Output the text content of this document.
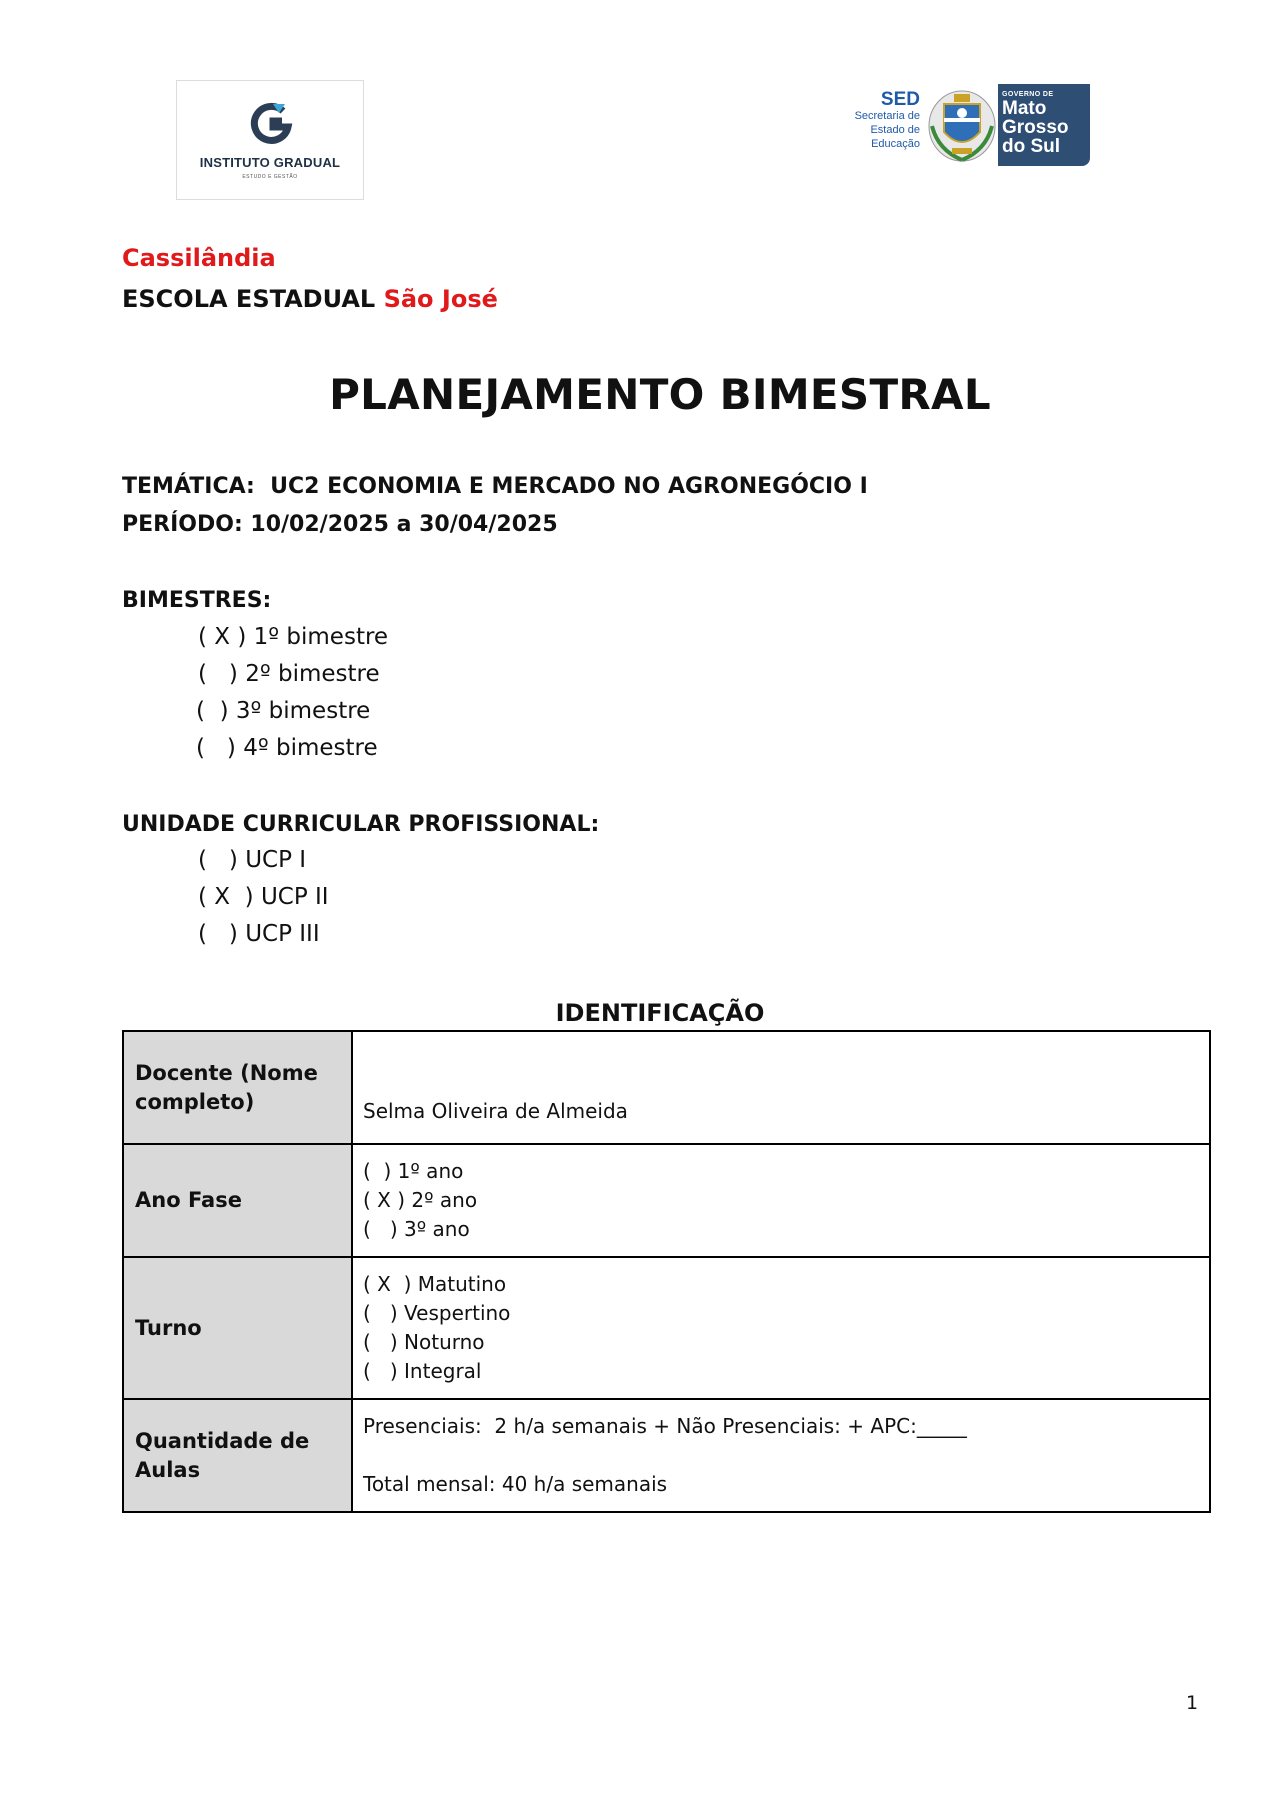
INSTITUTO GRADUAL
ESTUDO E GESTÃO
SED
Secretaria de
Estado de
Educação
GOVERNO DE
Mato
Grosso
do Sul
Cassilândia
ESCOLA ESTADUAL São José
PLANEJAMENTO BIMESTRAL
TEMÁTICA:  UC2 ECONOMIA E MERCADO NO AGRONEGÓCIO I
PERÍODO: 10/02/2025 a 30/04/2025
BIMESTRES:
( X ) 1º bimestre
(   ) 2º bimestre
(  ) 3º bimestre
(   ) 4º bimestre
UNIDADE CURRICULAR PROFISSIONAL:
(   ) UCP I
( X  ) UCP II
(   ) UCP III
IDENTIFICAÇÃO
Docente (Nome completo)	Selma Oliveira de Almeida

Ano Fase	(  ) 1º ano
( X ) 2º ano
(   ) 3º ano

Turno	( X  ) Matutino
(   ) Vespertino
(   ) Noturno
(   ) Integral

Quantidade de Aulas	Presenciais:  2 h/a semanais + Não Presenciais: + APC:_____
Total mensal: 40 h/a semanais
1
